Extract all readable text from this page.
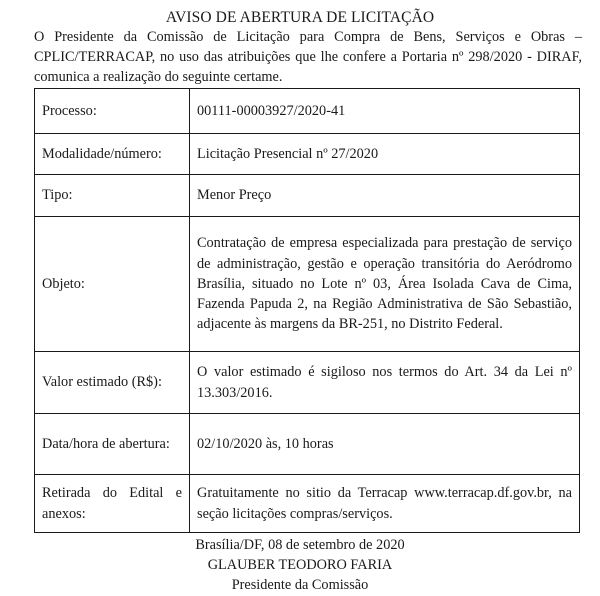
AVISO DE ABERTURA DE LICITAÇÃO
O Presidente da Comissão de Licitação para Compra de Bens, Serviços e Obras – CPLIC/TERRACAP, no uso das atribuições que lhe confere a Portaria nº 298/2020 - DIRAF, comunica a realização do seguinte certame.
Processo:	00111-00003927/2020-41
Modalidade/número:	Licitação Presencial nº 27/2020
Tipo:	Menor Preço
Objeto:	Contratação de empresa especializada para prestação de serviço de administração, gestão e operação transitória do Aeródromo Brasília, situado no Lote nº 03, Área Isolada Cava de Cima, Fazenda Papuda 2, na Região Administrativa de São Sebastião, adjacente às margens da BR-251, no Distrito Federal.
Valor estimado (R$):	O valor estimado é sigiloso nos termos do Art. 34 da Lei nº 13.303/2016.
Data/hora de abertura:	02/10/2020 às, 10 horas
Retirada do Edital e anexos:	Gratuitamente no sitio da Terracap www.terracap.df.gov.br, na seção licitações compras/serviços.
Brasília/DF, 08 de setembro de 2020
GLAUBER TEODORO FARIA
Presidente da Comissão
